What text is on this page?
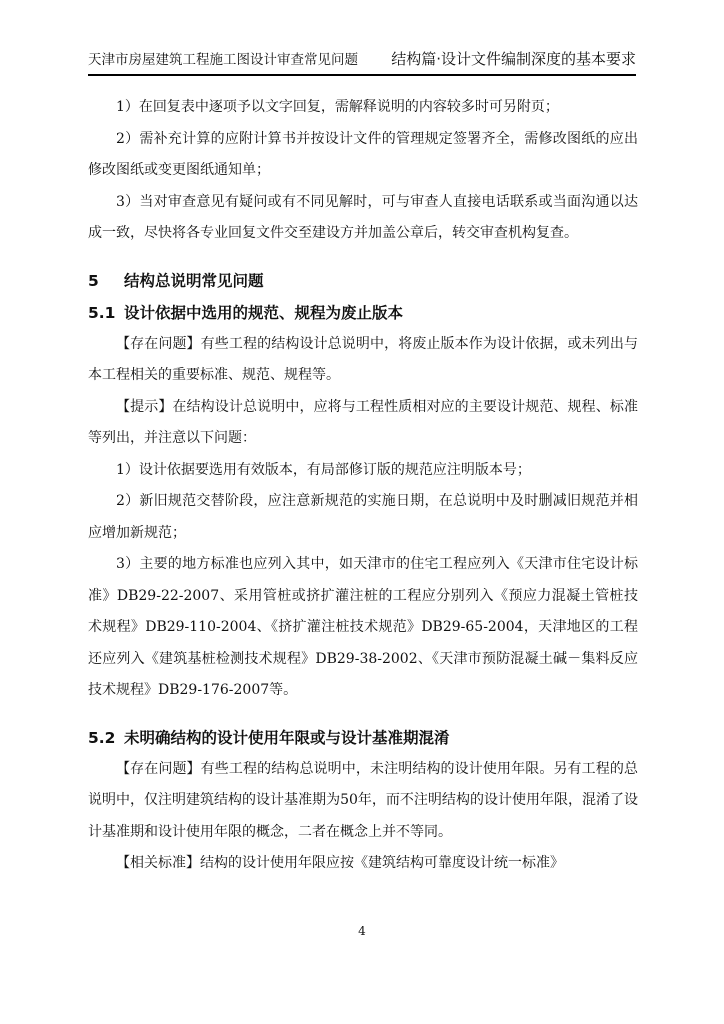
天津市房屋建筑工程施工图设计审查常见问题 结构篇·设计文件编制深度的基本要求

1）在回复表中逐项予以文字回复，需解释说明的内容较多时可另附页；

2）需补充计算的应附计算书并按设计文件的管理规定签署齐全，需修改图纸的应出修改图纸或变更图纸通知单；

3）当对审查意见有疑问或有不同见解时，可与审查人直接电话联系或当面沟通以达成一致，尽快将各专业回复文件交至建设方并加盖公章后，转交审查机构复查。

5 结构总说明常见问题
5.1 设计依据中选用的规范、规程为废止版本

【存在问题】有些工程的结构设计总说明中，将废止版本作为设计依据，或未列出与本工程相关的重要标准、规范、规程等。

【提示】在结构设计总说明中，应将与工程性质相对应的主要设计规范、规程、标准等列出，并注意以下问题：

1）设计依据要选用有效版本，有局部修订版的规范应注明版本号；

2）新旧规范交替阶段，应注意新规范的实施日期，在总说明中及时删减旧规范并相应增加新规范；

3）主要的地方标准也应列入其中，如天津市的住宅工程应列入《天津市住宅设计标准》DB29-22-2007、采用管桩或挤扩灌注桩的工程应分别列入《预应力混凝土管桩技术规程》DB29-110-2004、《挤扩灌注桩技术规范》DB29-65-2004，天津地区的工程还应列入《建筑基桩检测技术规程》DB29-38-2002、《天津市预防混凝土碱－集料反应技术规程》DB29-176-2007等。

5.2 未明确结构的设计使用年限或与设计基准期混淆

【存在问题】有些工程的结构总说明中，未注明结构的设计使用年限。另有工程的总说明中，仅注明建筑结构的设计基准期为50年，而不注明结构的设计使用年限，混淆了设计基准期和设计使用年限的概念，二者在概念上并不等同。

【相关标准】结构的设计使用年限应按《建筑结构可靠度设计统一标准》

4
